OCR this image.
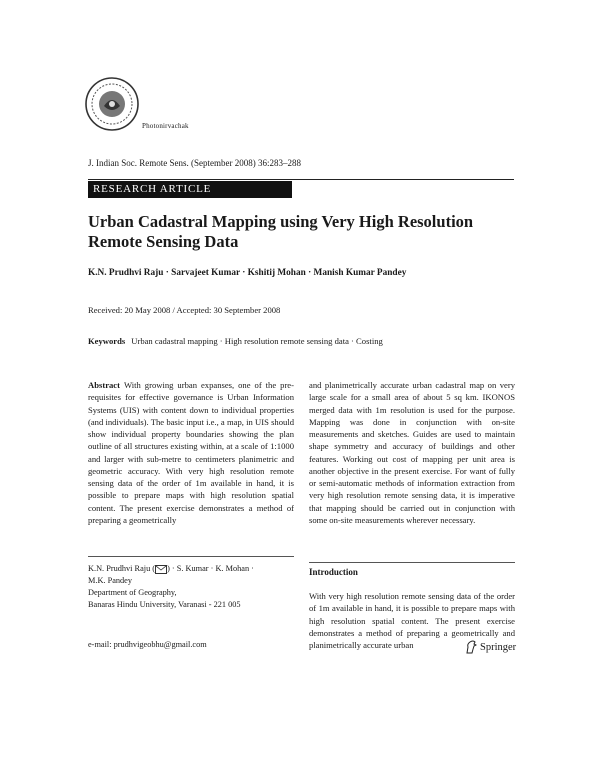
Photonirvachak
J. Indian Soc. Remote Sens. (September 2008) 36:283–288
RESEARCH ARTICLE
Urban Cadastral Mapping using Very High Resolution
Remote Sensing Data
K.N. Prudhvi Raju · Sarvajeet Kumar · Kshitij Mohan · Manish Kumar Pandey
Received: 20 May 2008 / Accepted: 30 September 2008
Keywords Urban cadastral mapping · High resolution remote sensing data · Costing
Abstract With growing urban expanses, one of the pre-requisites for effective governance is Urban Information Systems (UIS) with content down to individual properties (and individuals). The basic input i.e., a map, in UIS should show individual property boundaries showing the plan outline of all structures existing within, at a scale of 1:1000 and larger with sub-metre to centimeters planimetric and geometric accuracy. With very high resolution remote sensing data of the order of 1m available in hand, it is possible to prepare maps with high resolution spatial content. The present exercise demonstrates a method of preparing a geometrically
and planimetrically accurate urban cadastral map on very large scale for a small area of about 5 sq km. IKONOS merged data with 1m resolution is used for the purpose. Mapping was done in conjunction with on-site measurements and sketches. Guides are used to maintain shape symmetry and accuracy of buildings and other features. Working out cost of mapping per unit area is another objective in the present exercise. For want of fully or semi-automatic methods of information extraction from very high resolution remote sensing data, it is imperative that mapping should be carried out in conjunction with some on-site measurements wherever necessary.
K.N. Prudhvi Raju ( ) · S. Kumar · K. Mohan ·
M.K. Pandey
Department of Geography,
Banaras Hindu University, Varanasi - 221 005
e-mail: prudhvigeobhu@gmail.com
Introduction
With very high resolution remote sensing data of the order of 1m available in hand, it is possible to prepare maps with high resolution spatial content. The present exercise demonstrates a method of preparing a geometrically and planimetrically accurate urban	Springer
